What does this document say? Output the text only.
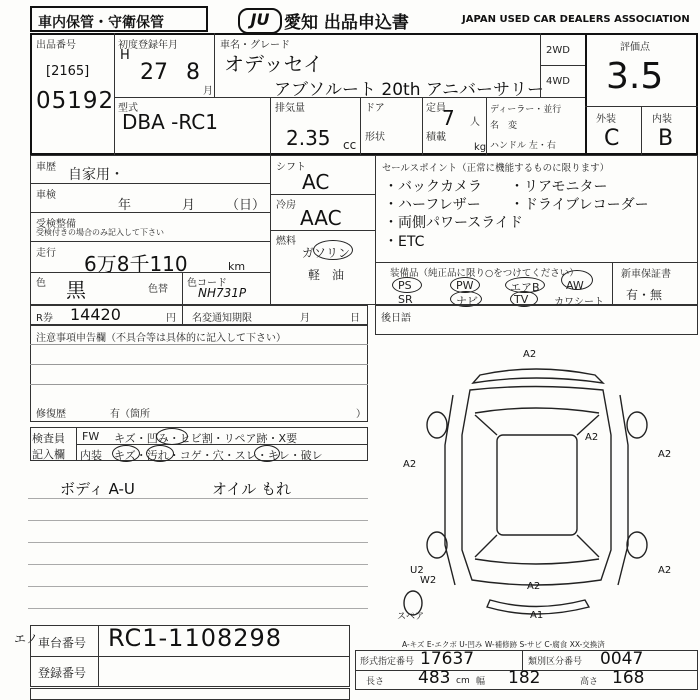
車内保管・守衛保管	JU 愛知 出品申込書	JAPAN USED CAR DEALERS ASSOCIATION
出品番号
[2165]
05192
初度登録年月
H
27 8
月
車名・グレード
オデッセイ
アブソルート 20th アニバーサリー
2WD
4WD
評価点
3.5
外装	内装
C B
型式
DBA -RC1
排気量
2.35 cc
ドア
形状
定員
7 人
積載
kg
ディーラー・並行
名　変
ハンドル 左・右
車歴 自家用・
車検
年	月 （日）
受検整備
受検付きの場合のみ記入して下さい
走行 6万8千110	km
色 黒	色替
色コード
NH731P
シフト
AC
冷房
AAC
燃料
ガソリン
軽　油
セールスポイント（正常に機能するものに限ります）
・バックカメラ ・リアモニター
・ハーフレザー ・ドライブレコーダー
・両側パワースライド
・ETC
装備品（純正品に限り○をつけてください）
PS	PW	エアB AW
SR	ナビ	TV	カワシート
新車保証書
有・無
R券 14420	円 名変通知期限	月	日 後日語
注意事項申告欄（不具合等は具体的に記入して下さい）
修復歴	有（箇所	）
検査員
記入欄
FW キズ・凹み・ヒビ割・リペア跡・X要
内装 キズ・汚れ・コゲ・穴・スレ・キレ・破レ
ボディ A-U	オイル もれ
A2
A2
A2
A2
A2
U2
W2
A2
A1
スペア
エノ 車台番号 RC1-1108298
登録番号
A-キズ E-エクボ U-凹み W-補修跡 S-サビ C-腐食 XX-交換済
形式指定番号 17637	類別区分番号 0047
長さ 483 cm 幅 182	高さ 168
